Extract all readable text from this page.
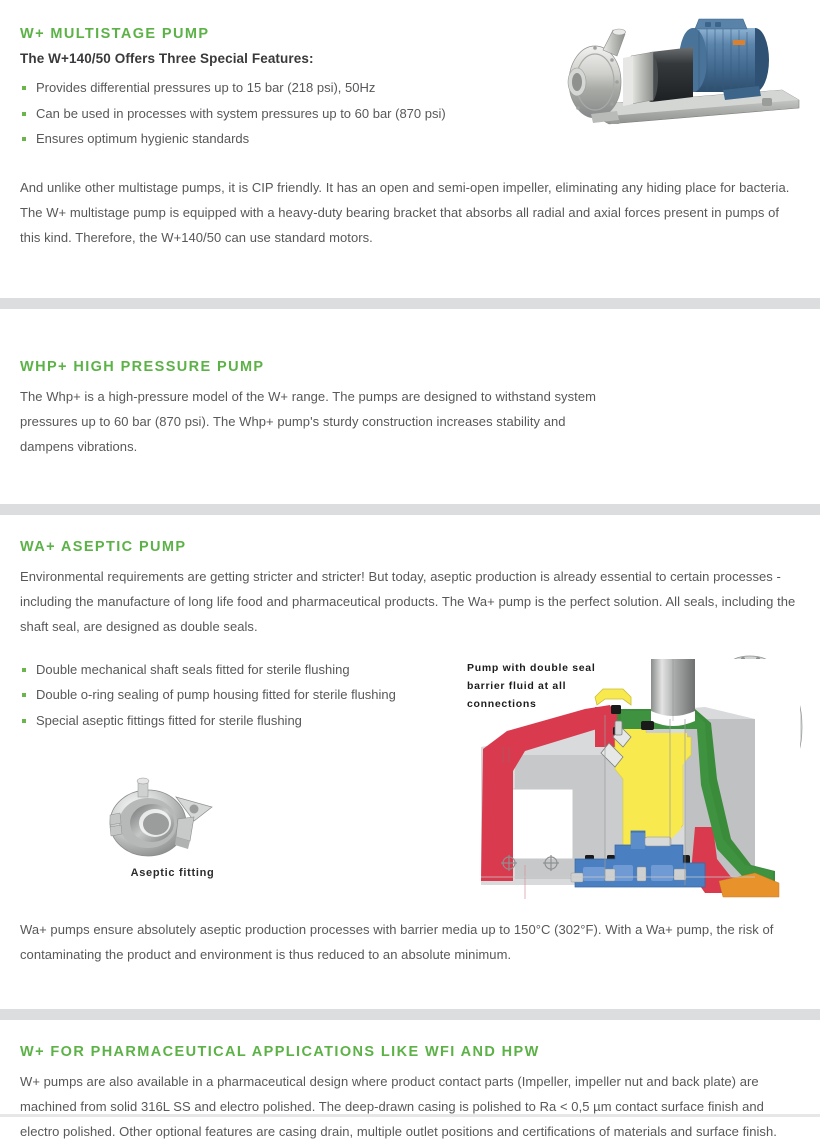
W+ MULTISTAGE PUMP
The W+140/50 Offers Three Special Features:
Provides differential pressures up to 15 bar (218 psi), 50Hz
Can be used in processes with system pressures up to 60 bar (870 psi)
Ensures optimum hygienic standards

And unlike other multistage pumps, it is CIP friendly. It has an open and semi-open impeller, eliminating any hiding place for bacteria. The W+ multistage pump is equipped with a heavy-duty bearing bracket that absorbs all radial and axial forces present in pumps of this kind. Therefore, the W+140/50 can use standard motors.

WHP+ HIGH PRESSURE PUMP

The Whp+ is a high-pressure model of the W+ range. The pumps are designed to withstand system pressures up to 60 bar (870 psi). The Whp+ pump's sturdy construction increases stability and dampens vibrations.

WA+ ASEPTIC PUMP

Environmental requirements are getting stricter and stricter! But today, aseptic production is already essential to certain processes - including the manufacture of long life food and pharmaceutical products. The Wa+ pump is the perfect solution. All seals, including the shaft seal, are designed as double seals.

Double mechanical shaft seals fitted for sterile flushing
Double o-ring sealing of pump housing fitted for sterile flushing
Special aseptic fittings fitted for sterile flushing
Aseptic fitting
Pump with double seal barrier fluid at all connections

Wa+ pumps ensure absolutely aseptic production processes with barrier media up to 150°C (302°F). With a Wa+ pump, the risk of contaminating the product and environment is thus reduced to an absolute minimum.

W+ FOR PHARMACEUTICAL APPLICATIONS LIKE WFI AND HPW

W+ pumps are also available in a pharmaceutical design where product contact parts (Impeller, impeller nut and back plate) are machined from solid 316L SS and electro polished. The deep-drawn casing is polished to Ra < 0,5 µm contact surface finish and electro polished. Other optional features are casing drain, multiple outlet positions and certifications of materials and surface finish.
